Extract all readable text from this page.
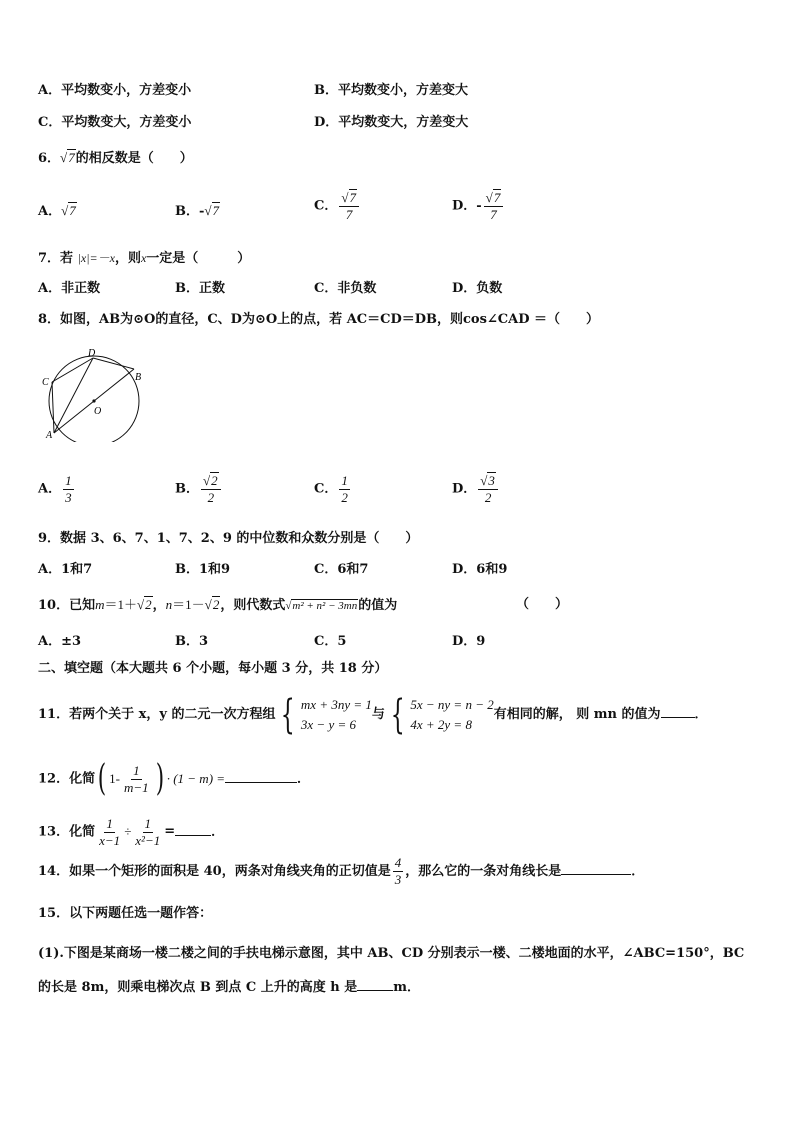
A．平均数变小，方差变小	B．平均数变小，方差变大
C．平均数变大，方差变小	D．平均数变大，方差变大
6．√7的相反数是（　　）
A．√7	B．-√7	C． $\frac{√7}{7}$	D．- $\frac{√7}{7}$
7．若 |x|=－x，则x一定是（　　　）
A．非正数	B．正数	C．非负数	D．负数
8．如图，AB为⊙O的直径，C、D为⊙O上的点，若 AC＝CD＝DB，则cos∠CAD ＝（　　）
D
C	B
O
A
A． $\frac{1}{3}$	B． $\frac{√2}{2}$	C． $\frac{1}{2}$	D． $\frac{√3}{2}$
9．数据 3、6、7、1、7、2、9 的中位数和众数分别是（　　）
A．1和7	B．1和9	C．6和7	D．6和9
10．已知m＝1＋√2，n＝1－√2，则代数式√m² + n² − 3mn的值为	（　　）
A．±3	B．3	C．5	D．9
二、填空题（本大题共 6 个小题，每小题 3 分，共 18 分）
11．若两个关于 x，y 的二元一次方程组 { mx + 3ny = 1
3x − y = 6
与 { 5x − ny = n − 2
4x + 2y = 8
有相同的解， 则 mn 的值为	．
12．化简( $1- \frac{1}{m-1}$ ) · (1 − m) =	．
13．化简 $\frac{1}{x-1} \div \frac{1}{\text{x²−1}}$ =	．
14．如果一个矩形的面积是 40，两条对角线夹角的正切值是 $\frac{4}{3}$ ，那么它的一条对角线长是	．
15．以下两题任选一题作答：
(1).下图是某商场一楼二楼之间的手扶电梯示意图，其中 AB、CD 分别表示一楼、二楼地面的水平，∠ABC=150°，BC
的长是 8m，则乘电梯次点 B 到点 C 上升的高度 h 是	m．
